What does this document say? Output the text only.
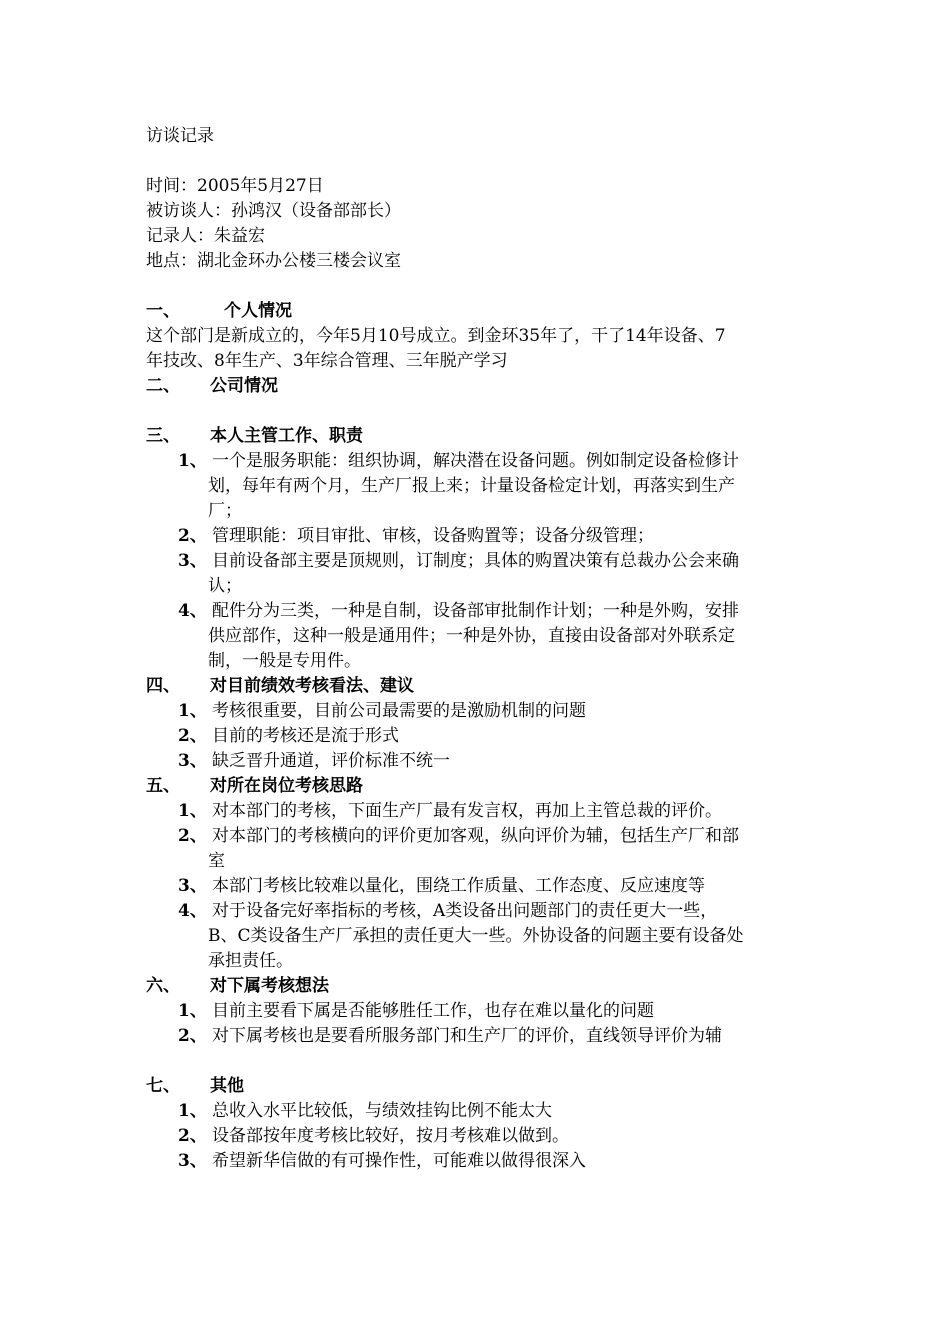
访谈记录
时间：2005年5月27日
被访谈人：孙鸿汉（设备部部长）
记录人：朱益宏
地点：湖北金环办公楼三楼会议室
一、	个人情况
这个部门是新成立的，今年5月10号成立。到金环35年了，干了14年设备、7
年技改、8年生产、3年综合管理、三年脱产学习
二、 公司情况
三、 本人主管工作、职责
1、 一个是服务职能：组织协调，解决潜在设备问题。例如制定设备检修计
划，每年有两个月，生产厂报上来；计量设备检定计划，再落实到生产
厂；
2、 管理职能：项目审批、审核，设备购置等；设备分级管理；
3、 目前设备部主要是顶规则，订制度；具体的购置决策有总裁办公会来确
认；
4、 配件分为三类，一种是自制，设备部审批制作计划；一种是外购，安排
供应部作，这种一般是通用件；一种是外协，直接由设备部对外联系定
制，一般是专用件。
四、 对目前绩效考核看法、建议
1、 考核很重要，目前公司最需要的是激励机制的问题
2、 目前的考核还是流于形式
3、 缺乏晋升通道，评价标准不统一
五、 对所在岗位考核思路
1、 对本部门的考核，下面生产厂最有发言权，再加上主管总裁的评价。
2、 对本部门的考核横向的评价更加客观，纵向评价为辅，包括生产厂和部
室
3、 本部门考核比较难以量化，围绕工作质量、工作态度、反应速度等
4、 对于设备完好率指标的考核，A类设备出问题部门的责任更大一些，
B、C类设备生产厂承担的责任更大一些。外协设备的问题主要有设备处
承担责任。
六、 对下属考核想法
1、 目前主要看下属是否能够胜任工作，也存在难以量化的问题
2、 对下属考核也是要看所服务部门和生产厂的评价，直线领导评价为辅
七、 其他
1、 总收入水平比较低，与绩效挂钩比例不能太大
2、 设备部按年度考核比较好，按月考核难以做到。
3、 希望新华信做的有可操作性，可能难以做得很深入
